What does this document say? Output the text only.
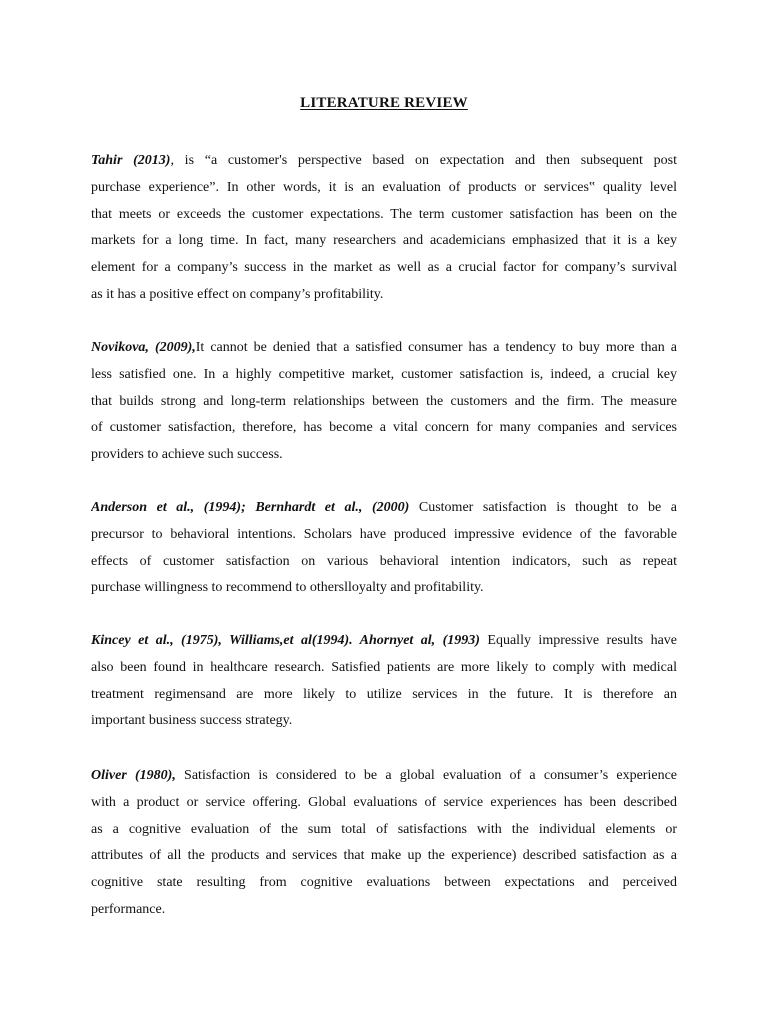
LITERATURE REVIEW
Tahir (2013), is “a customer's perspective based on expectation and then subsequent post
purchase experience”. In other words, it is an evaluation of products or services‟ quality level
that meets or exceeds the customer expectations. The term customer satisfaction has been on the
markets for a long time. In fact, many researchers and academicians emphasized that it is a key
element for a company’s success in the market as well as a crucial factor for company’s survival
as it has a positive effect on company’s profitability.
Novikova, (2009),It cannot be denied that a satisfied consumer has a tendency to buy more than a
less satisfied one. In a highly competitive market, customer satisfaction is, indeed, a crucial key
that builds strong and long-term relationships between the customers and the firm. The measure
of customer satisfaction, therefore, has become a vital concern for many companies and services
providers to achieve such success.
Anderson et al., (1994); Bernhardt et al., (2000) Customer satisfaction is thought to be a
precursor to behavioral intentions. Scholars have produced impressive evidence of the favorable
effects of customer satisfaction on various behavioral intention indicators, such as repeat
purchase willingness to recommend to otherslloyalty and profitability.
Kincey et al., (1975), Williams,et al(1994). Ahornyet al, (1993) Equally impressive results have
also been found in healthcare research. Satisfied patients are more likely to comply with medical
treatment regimensand are more likely to utilize services in the future. It is therefore an
important business success strategy.
Oliver (1980), Satisfaction is considered to be a global evaluation of a consumer’s experience
with a product or service offering. Global evaluations of service experiences has been described
as a cognitive evaluation of the sum total of satisfactions with the individual elements or
attributes of all the products and services that make up the experience) described satisfaction as a
cognitive state resulting from cognitive evaluations between expectations and perceived
performance.
